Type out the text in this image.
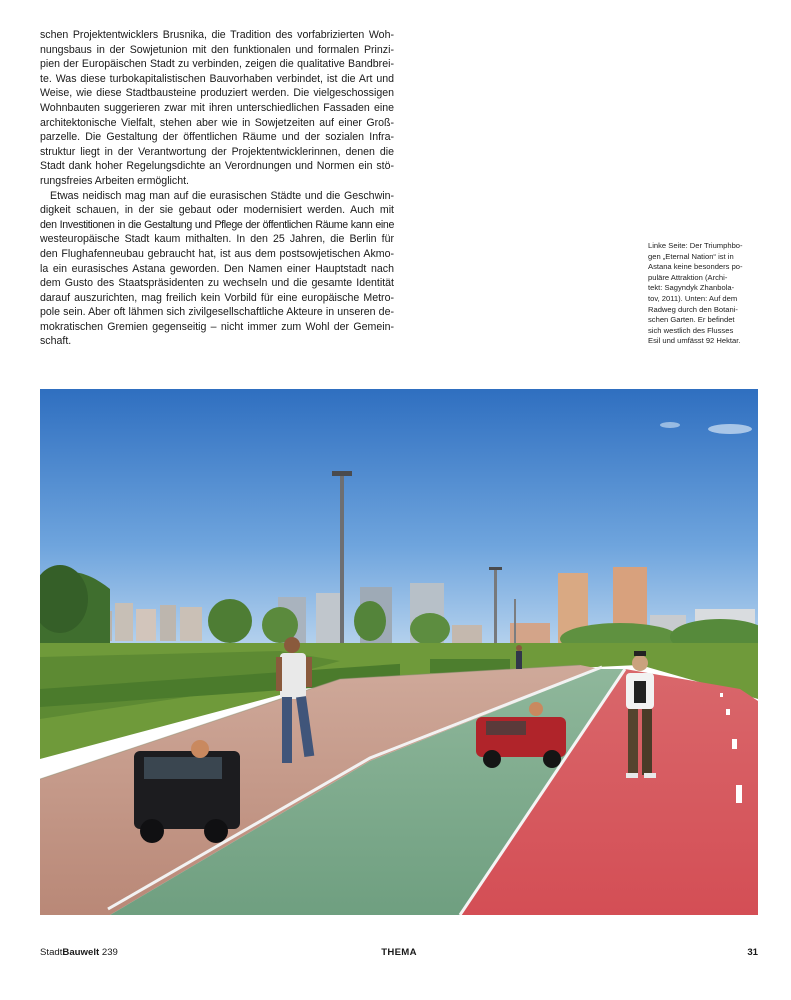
schen Projektentwicklers Brusnika, die Tradition des vorfabrizierten Woh-
nungsbaus in der Sowjetunion mit den funktionalen und formalen Prinzi-
pien der Europäischen Stadt zu verbinden, zeigen die qualitative Bandbrei-
te. Was diese turbokapitalistischen Bauvorhaben verbindet, ist die Art und
Weise, wie diese Stadtbausteine produziert werden. Die vielgeschossigen
Wohnbauten suggerieren zwar mit ihren unterschiedlichen Fassaden eine
architektonische Vielfalt, stehen aber wie in Sowjetzeiten auf einer Groß-
parzelle. Die Gestaltung der öffentlichen Räume und der sozialen Infra-
struktur liegt in der Verantwortung der Projektentwicklerinnen, denen die
Stadt dank hoher Regelungsdichte an Verordnungen und Normen ein stö-
rungsfreies Arbeiten ermöglicht.

Etwas neidisch mag man auf die eurasischen Städte und die Geschwin-
digkeit schauen, in der sie gebaut oder modernisiert werden. Auch mit
den Investitionen in die Gestaltung und Pflege der öffentlichen Räume kann eine
westeuropäische Stadt kaum mithalten. In den 25 Jahren, die Berlin für
den Flughafenneubau gebraucht hat, ist aus dem postsowjetischen Akmo-
la ein eurasisches Astana geworden. Den Namen einer Hauptstadt nach
dem Gusto des Staatspräsidenten zu wechseln und die gesamte Identität
darauf auszurichten, mag freilich kein Vorbild für eine europäische Metro-
pole sein. Aber oft lähmen sich zivilgesellschaftliche Akteure in unseren de-
mokratischen Gremien gegenseitig – nicht immer zum Wohl der Gemein-
schaft.

Linke Seite: Der Triumphbo-
gen „Eternal Nation“ ist in
Astana keine besonders po-
puläre Attraktion (Archi-
tekt: Sagyndyk Zhanbola-
tov, 2011). Unten: Auf dem
Radweg durch den Botani-
schen Garten. Er befindet
sich westlich des Flusses
Esil und umfässt 92 Hektar.
StadtBauwelt 239	THEMA	31
